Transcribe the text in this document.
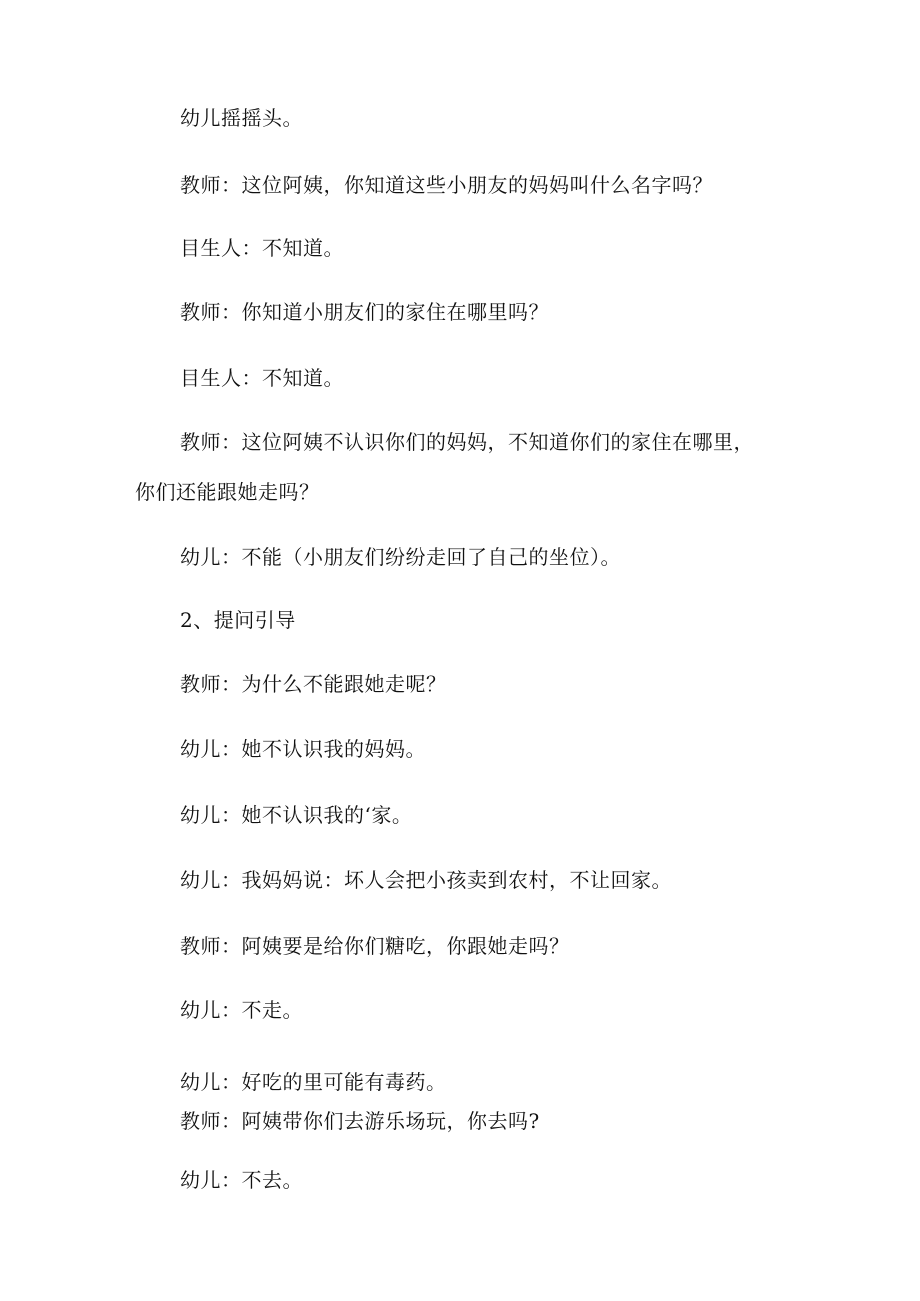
幼儿摇摇头。

教师：这位阿姨，你知道这些小朋友的妈妈叫什么名字吗？

目生人：不知道。

教师：你知道小朋友们的家住在哪里吗？

目生人：不知道。

教师：这位阿姨不认识你们的妈妈，不知道你们的家住在哪里，

你们还能跟她走吗？

幼儿：不能（小朋友们纷纷走回了自己的坐位）。

2、提问引导

教师：为什么不能跟她走呢？

幼儿：她不认识我的妈妈。

幼儿：她不认识我的‘家。

幼儿：我妈妈说：坏人会把小孩卖到农村，不让回家。

教师：阿姨要是给你们糖吃，你跟她走吗？

幼儿：不走。

幼儿：好吃的里可能有毒药。

教师：阿姨带你们去游乐场玩，你去吗?

幼儿：不去。
